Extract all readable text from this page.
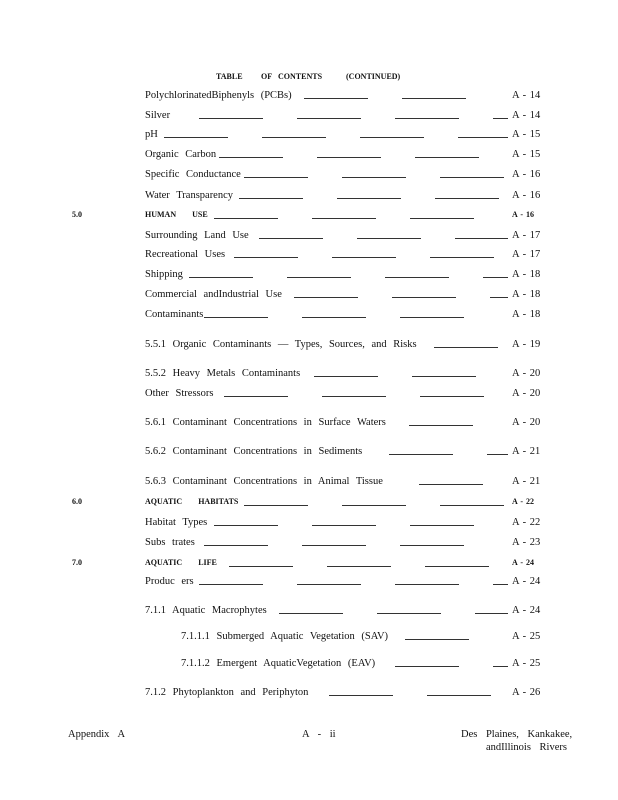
TABLE OF CONTENTS	(CONTINUED)
PolychlorinatedBiphenyls (PCBs)	A - 14
Silver	A - 14
pH	A - 15
Organic Carbon	A - 15
Specific Conductance	A - 16
Water Transparency	A - 16
5.0	HUMAN USE	A - 16
Surrounding Land Use	A - 17
Recreational Uses	A - 17
Shipping	A - 18
Commercial andIndustrial Use	A - 18
Contaminants	A - 18
5.5.1 Organic Contaminants — Types, Sources, and Risks	A - 19
5.5.2 Heavy Metals Contaminants	A - 20
Other Stressors	A - 20
5.6.1 Contaminant Concentrations in Surface Waters	A - 20
5.6.2 Contaminant Concentrations in Sediments	A - 21
5.6.3 Contaminant Concentrations in Animal Tissue	A - 21
6.0	AQUATIC HABITATS	A - 22
Habitat Types	A - 22
Subs trates	A - 23
7.0	AQUATIC LIFE	A - 24
Produc ers	A - 24
7.1.1 Aquatic Macrophytes	A - 24
7.1.1.1 Submerged Aquatic Vegetation (SAV)	A - 25
7.1.1.2 Emergent AquaticVegetation (EAV)	A - 25
7.1.2 Phytoplankton and Periphyton	A - 26
Appendix A	A - ii	Des Plaines, Kankakee,
andIllinois Rivers
